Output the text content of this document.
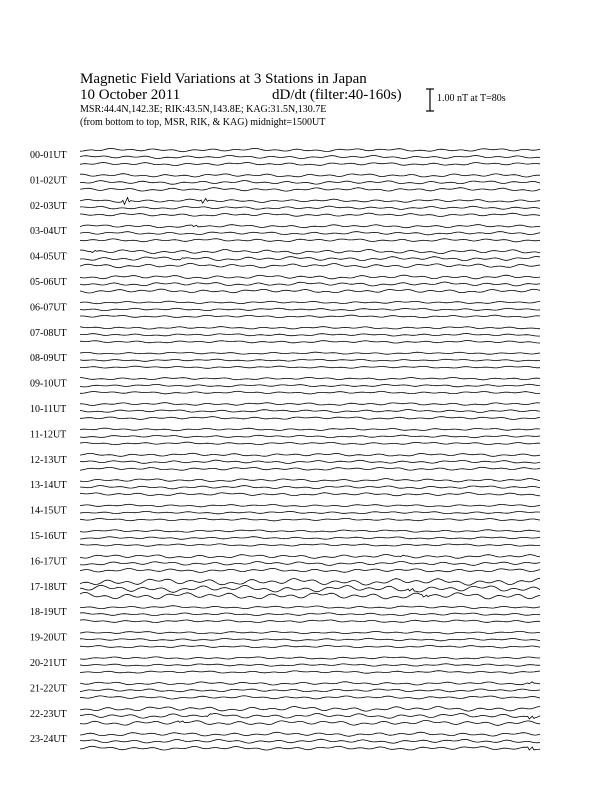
Magnetic Field Variations at 3 Stations in Japan
10 October 2011	dD/dt (filter:40-160s)
MSR:44.4N,142.3E; RIK:43.5N,143.8E; KAG:31.5N,130.7E
(from bottom to top, MSR, RIK, & KAG) midnight=1500UT
1.00 nT at T=80s
00-01UT
01-02UT
02-03UT
03-04UT
04-05UT
05-06UT
06-07UT
07-08UT
08-09UT
09-10UT
10-11UT
11-12UT
12-13UT
13-14UT
14-15UT
15-16UT
16-17UT
17-18UT
18-19UT
19-20UT
20-21UT
21-22UT
22-23UT
23-24UT
